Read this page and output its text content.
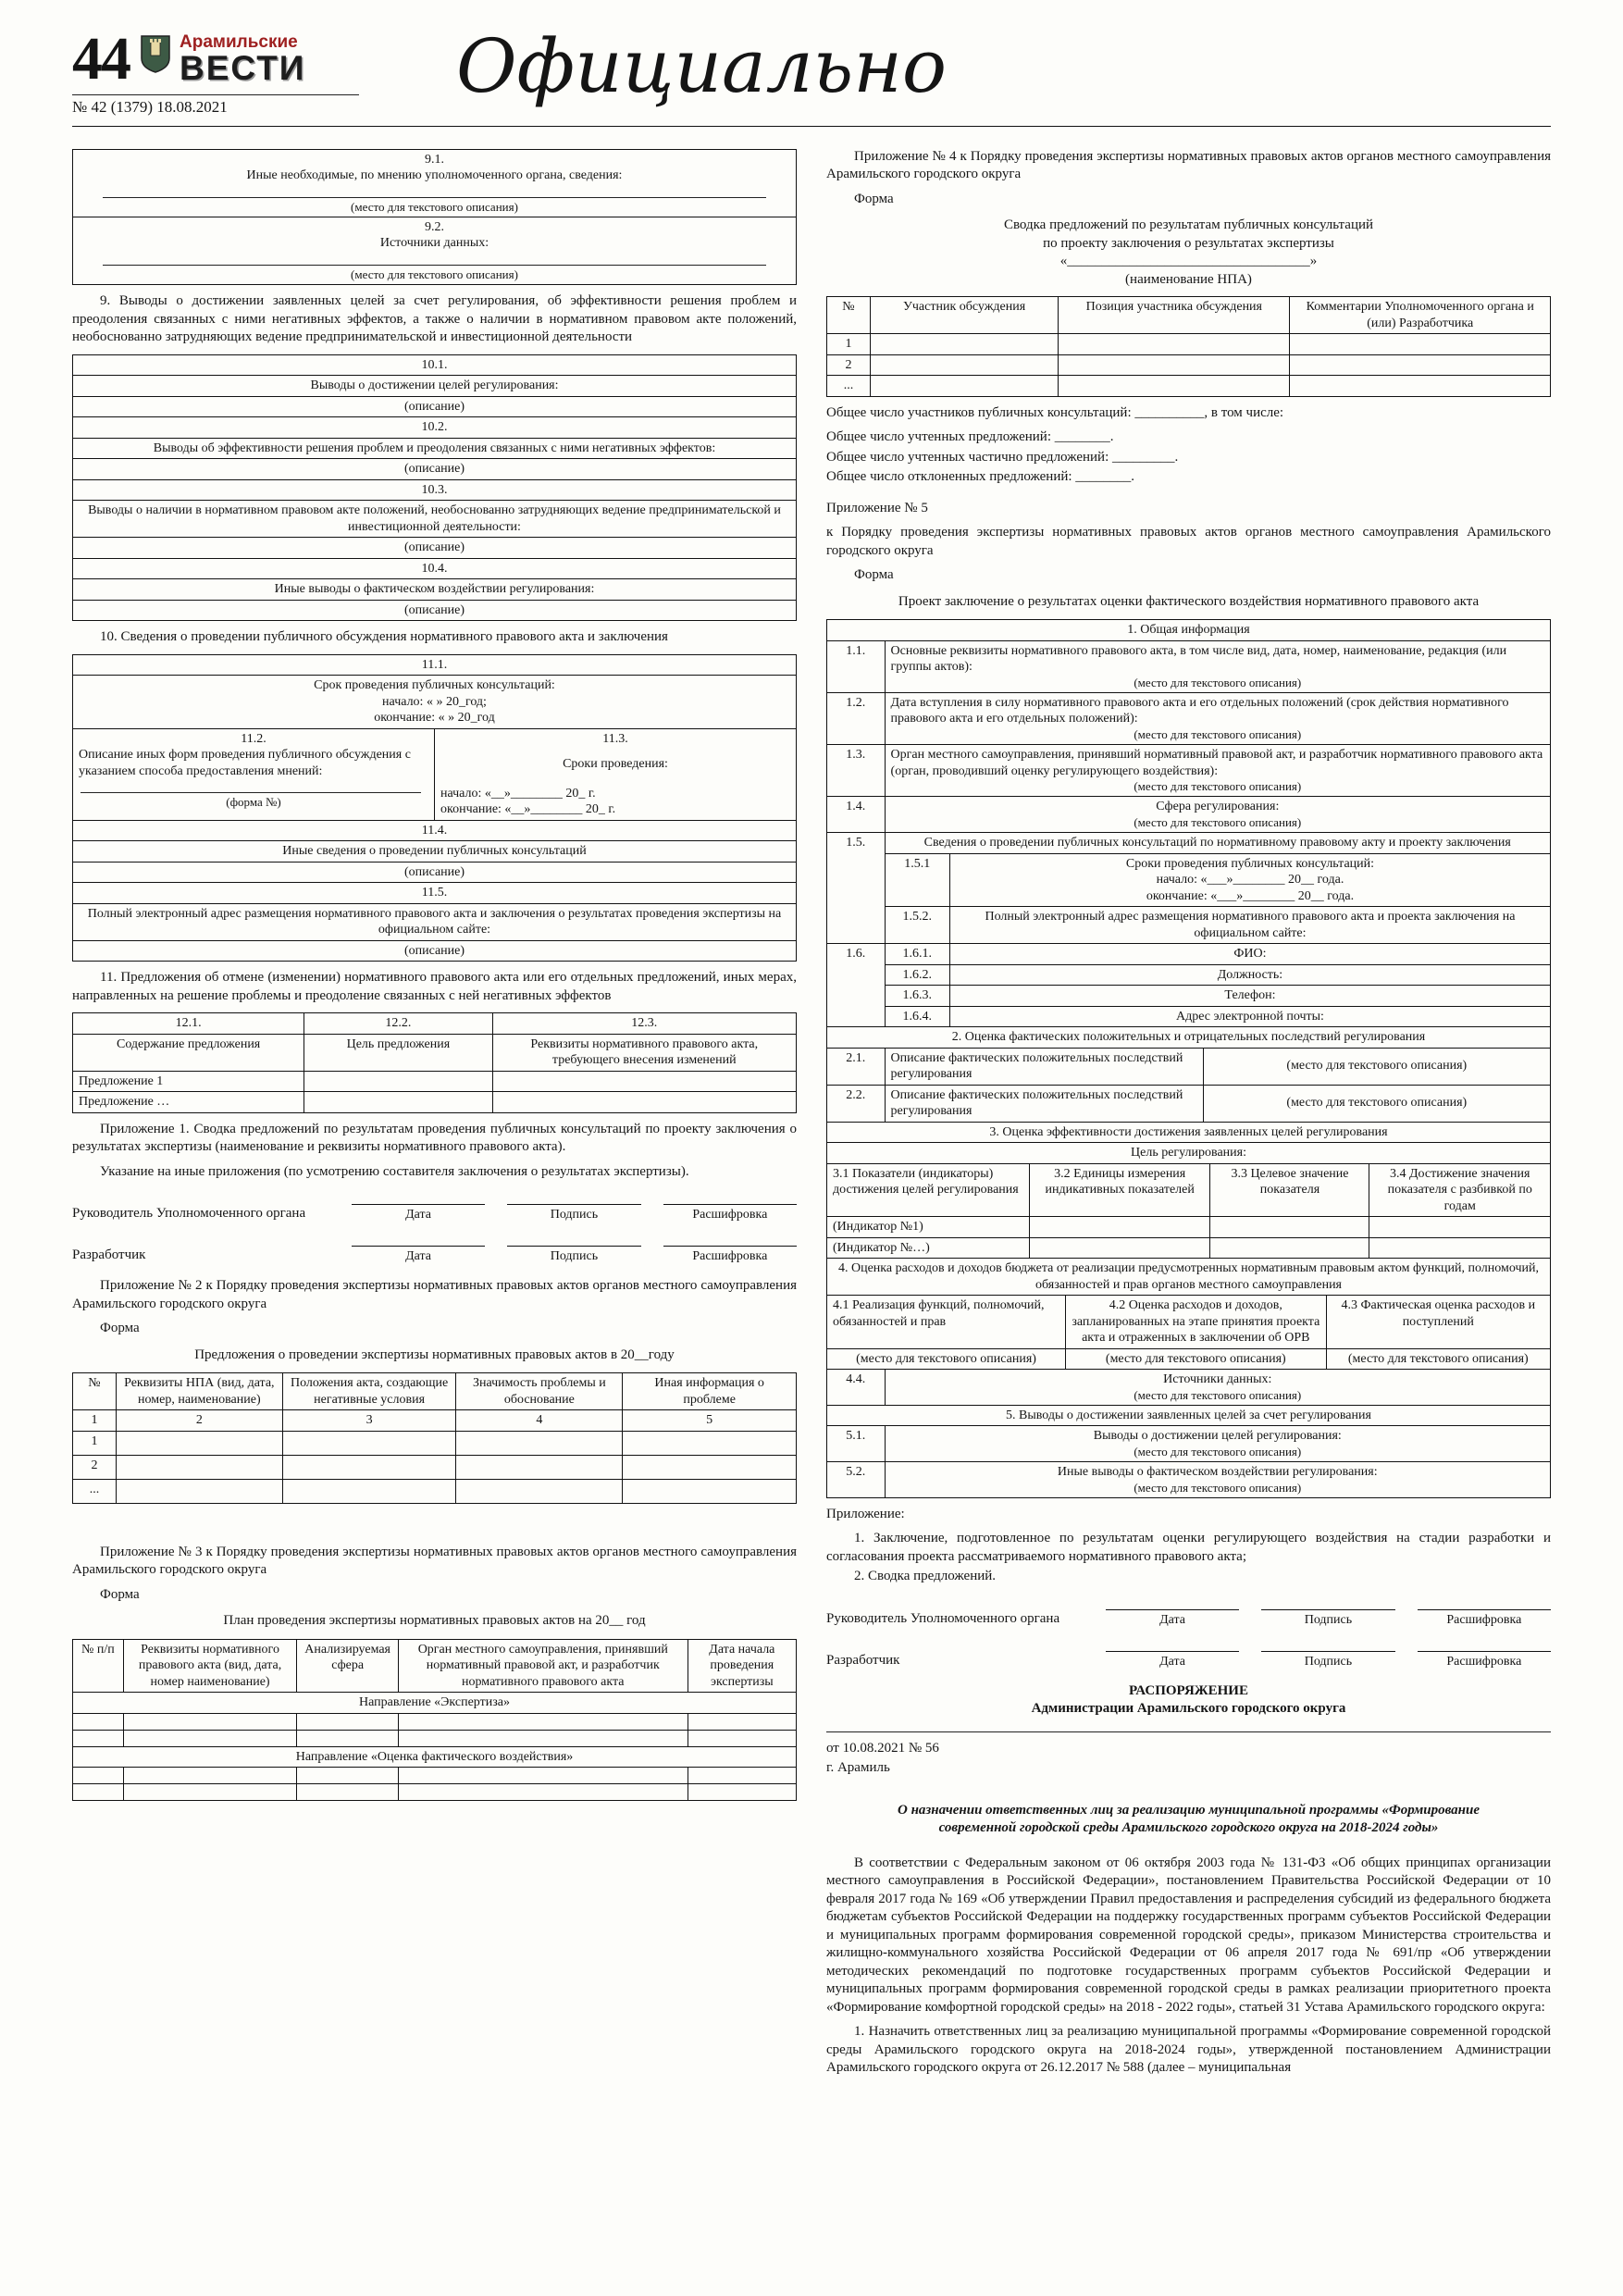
44	Арамильские
ВЕСТИ
№ 42 (1379) 18.08.2021	Официально
9.1.
Иные необходимые, по мнению уполномоченного органа, сведения:
(место для текстового описания)

9.2.
Источники данных:
(место для текстового описания)

9. Выводы о достижении заявленных целей за счет регулирования, об эффективности решения проблем и преодоления связанных с ними негативных эффектов, а также о наличии в нормативном правовом акте положений, необоснованно затрудняющих ведение предпринимательской и инвестиционной деятельности

10.1.
Выводы о достижении целей регулирования:
(описание)
10.2.
Выводы об эффективности решения проблем и преодоления связанных с ними негативных эффектов:
(описание)
10.3.
Выводы о наличии в нормативном правовом акте положений, необоснованно затрудняющих ведение предпринимательской и инвестиционной деятельности:
(описание)
10.4.
Иные выводы о фактическом воздействии регулирования:
(описание)

10. Сведения о проведении публичного обсуждения нормативного правового акта и заключения

11.1.

Срок проведения публичных консультаций:
начало: « » 20_год;
окончание: « » 20_год

11.2.
Описание иных форм проведения публичного обсуждения с указанием способа предоставления мнений:
(форма №)

11.3.
Сроки проведения:
начало: «__»________ 20_ г.
окончание: «__»________ 20_ г.

11.4.
Иные сведения о проведении публичных консультаций
(описание)
11.5.
Полный электронный адрес размещения нормативного правового акта и заключения о результатах проведения экспертизы на официальном сайте:
(описание)

11. Предложения об отмене (изменении) нормативного правового акта или его отдельных предложений, иных мерах, направленных на решение проблемы и преодоление связанных с ней негативных эффектов

12.1.	12.2.	12.3.
Содержание предложения	Цель предложения	Реквизиты нормативного правового акта, требующего внесения изменений
Предложение 1		
Предложение …		

Приложение 1. Сводка предложений по результатам проведения публичных консультаций по проекту заключения о результатах экспертизы (наименование и реквизиты нормативного правового акта).

Указание на иные приложения (по усмотрению составителя заключения о результатах экспертизы).

Руководитель Уполномоченного органа	Дата	Подпись	Расшифровка
Разработчик	Дата	Подпись	Расшифровка

Приложение № 2 к Порядку проведения экспертизы нормативных правовых актов органов местного самоуправления Арамильского городского округа

Форма

Предложения о проведении экспертизы нормативных правовых актов в 20__году
№	Реквизиты НПА (вид, дата, номер, наименование)	Положения акта, создающие негативные условия	Значимость проблемы и обоснование	Иная информация о проблеме
1	2	3	4	5
1				
2				
...				

Приложение № 3 к Порядку проведения экспертизы нормативных правовых актов органов местного самоуправления Арамильского городского округа

Форма

План проведения экспертизы нормативных правовых актов на 20__ год
№ п/п	Реквизиты нормативного правового акта (вид, дата, номер наименование)	Анализируемая сфера	Орган местного самоуправления, принявший нормативный правовой акт, и разработчик нормативного правового акта	Дата начала проведения экспертизы
Направление «Экспертиза»				

Направление «Оценка фактического воздействия»				

Приложение № 4 к Порядку проведения экспертизы нормативных правовых актов органов местного самоуправления Арамильского городского округа

Форма

Сводка предложений по результатам публичных консультаций
по проекту заключения о результатах экспертизы
«___________________________________»
(наименование НПА)
№	Участник обсуждения	Позиция участника обсуждения	Комментарии Уполномоченного органа и (или) Разработчика
1			
2			
...			

Общее число участников публичных консультаций: __________, в том числе:

Общее число учтенных предложений: ________.

Общее число учтенных частично предложений: _________.

Общее число отклоненных предложений: ________.

Приложение № 5

к Порядку проведения экспертизы нормативных правовых актов органов местного самоуправления Арамильского городского округа

Форма

Проект заключение о результатах оценки фактического воздействия нормативного правового акта
1. Общая информация		
1.1.	Основные реквизиты нормативного правового акта, в том числе вид, дата, номер, наименование, редакция (или группы актов):
(место для текстового описания)	

1.2.	Дата вступления в силу нормативного правового акта и его отдельных положений (срок действия нормативного правового акта и его отдельных положений):
(место для текстового описания)	

1.3.	Орган местного самоуправления, принявший нормативный правовой акт, и разработчик нормативного правового акта (орган, проводивший оценку регулирующего воздействия):
(место для текстового описания)	

1.4.	Сфера регулирования:
(место для текстового описания)	

1.5.	Сведения о проведении публичных консультаций по нормативному правовому акту и проекту заключения	
	1.5.1	Сроки проведения публичных консультаций:
начало: «___»________ 20__ года.
окончание: «___»________ 20__ года.

	1.5.2.	Полный электронный адрес размещения нормативного правового акта и проекта заключения на официальном сайте:
1.6.	1.6.1.	ФИО:
	1.6.2.	Должность:
	1.6.3.	Телефон:
	1.6.4.	Адрес электронной почты:
2. Оценка фактических положительных и отрицательных последствий регулирования		
2.1.	Описание фактических положительных последствий регулирования	(место для текстового описания)
2.2.	Описание фактических положительных последствий регулирования	(место для текстового описания)
3. Оценка эффективности достижения заявленных целей регулирования			
Цель регулирования:			
3.1 Показатели (индикаторы) достижения целей регулирования	3.2 Единицы измерения индикативных показателей	3.3 Целевое значение показателя	3.4 Достижение значения показателя с разбивкой по годам
(Индикатор №1)			
(Индикатор №…)			
4. Оценка расходов и доходов бюджета от реализации предусмотренных нормативным правовым актом функций, полномочий, обязанностей и прав органов местного самоуправления		
4.1 Реализация функций, полномочий, обязанностей и прав	4.2 Оценка расходов и доходов, запланированных на этапе принятия проекта акта и отраженных в заключении об ОРВ	4.3 Фактическая оценка расходов и поступлений
(место для текстового описания)	(место для текстового описания)	(место для текстового описания)
4.4.	Источники данных:
(место для текстового описания)

5. Выводы о достижении заявленных целей за счет регулирования	
5.1.	Выводы о достижении целей регулирования:
(место для текстового описания)

5.2.	Иные выводы о фактическом воздействии регулирования:
(место для текстового описания)

Приложение:

1. Заключение, подготовленное по результатам оценки регулирующего воздействия на стадии разработки и согласования проекта рассматриваемого нормативного правового акта;

2. Сводка предложений.

Руководитель Уполномоченного органа	Дата	Подпись	Расшифровка
Разработчик	Дата	Подпись	Расшифровка
РАСПОРЯЖЕНИЕ
Администрации Арамильского городского округа

от 10.08.2021 № 56

г. Арамиль

О назначении ответственных лиц за реализацию муниципальной программы «Формирование современной городской среды Арамильского городского округа на 2018-2024 годы»

В соответствии с Федеральным законом от 06 октября 2003 года № 131-ФЗ «Об общих принципах организации местного самоуправления в Российской Федерации», постановлением Правительства Российской Федерации от 10 февраля 2017 года № 169 «Об утверждении Правил предоставления и распределения субсидий из федерального бюджета бюджетам субъектов Российской Федерации на поддержку государственных программ субъектов Российской Федерации и муниципальных программ формирования современной городской среды», приказом Министерства строительства и жилищно-коммунального хозяйства Российской Федерации от 06 апреля 2017 года № 691/пр «Об утверждении методических рекомендаций по подготовке государственных программ субъектов Российской Федерации и муниципальных программ формирования современной городской среды в рамках реализации приоритетного проекта «Формирование комфортной городской среды» на 2018 - 2022 годы», статьей 31 Устава Арамильского городского округа:

1. Назначить ответственных лиц за реализацию муниципальной программы «Формирование современной городской среды Арамильского городского округа на 2018-2024 годы», утвержденной постановлением Администрации Арамильского городского округа от 26.12.2017 № 588 (далее – муниципальная
